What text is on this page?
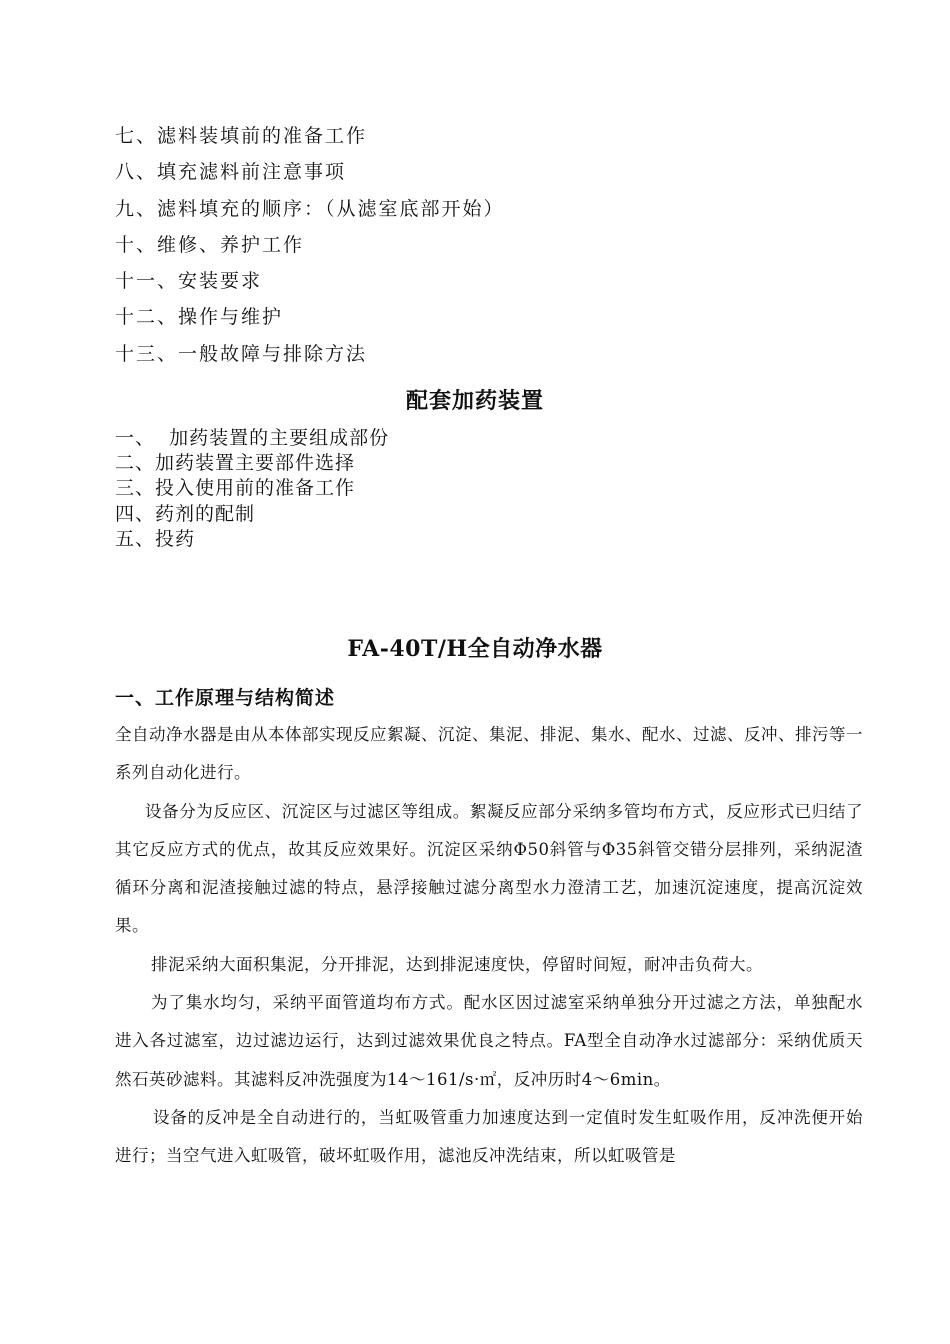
七、滤料装填前的准备工作
八、填充滤料前注意事项
九、滤料填充的顺序：（从滤室底部开始）
十、维修、养护工作
十一、安装要求
十二、操作与维护
十三、一般故障与排除方法
配套加药装置
一、  加药装置的主要组成部份
二、加药装置主要部件选择
三、投入使用前的准备工作
四、药剂的配制
五、投药
FA-40T/H全自动净水器
一、工作原理与结构简述

全自动净水器是由从本体部实现反应絮凝、沉淀、集泥、排泥、集水、配水、过滤、反冲、排污等一系列自动化进行。

设备分为反应区、沉淀区与过滤区等组成。絮凝反应部分采纳多管均布方式，反应形式已归结了其它反应方式的优点，故其反应效果好。沉淀区采纳Φ50斜管与Φ35斜管交错分层排列，采纳泥渣循环分离和泥渣接触过滤的特点，悬浮接触过滤分离型水力澄清工艺，加速沉淀速度，提高沉淀效果。

排泥采纳大面积集泥，分开排泥，达到排泥速度快，停留时间短，耐冲击负荷大。

为了集水均匀，采纳平面管道均布方式。配水区因过滤室采纳单独分开过滤之方法，单独配水进入各过滤室，边过滤边运行，达到过滤效果优良之特点。FA型全自动净水过滤部分：采纳优质天然石英砂滤料。其滤料反冲洗强度为14～161/s·㎡，反冲历时4～6min。

设备的反冲是全自动进行的，当虹吸管重力加速度达到一定值时发生虹吸作用，反冲洗便开始进行；当空气进入虹吸管，破坏虹吸作用，滤池反冲洗结束，所以虹吸管是
